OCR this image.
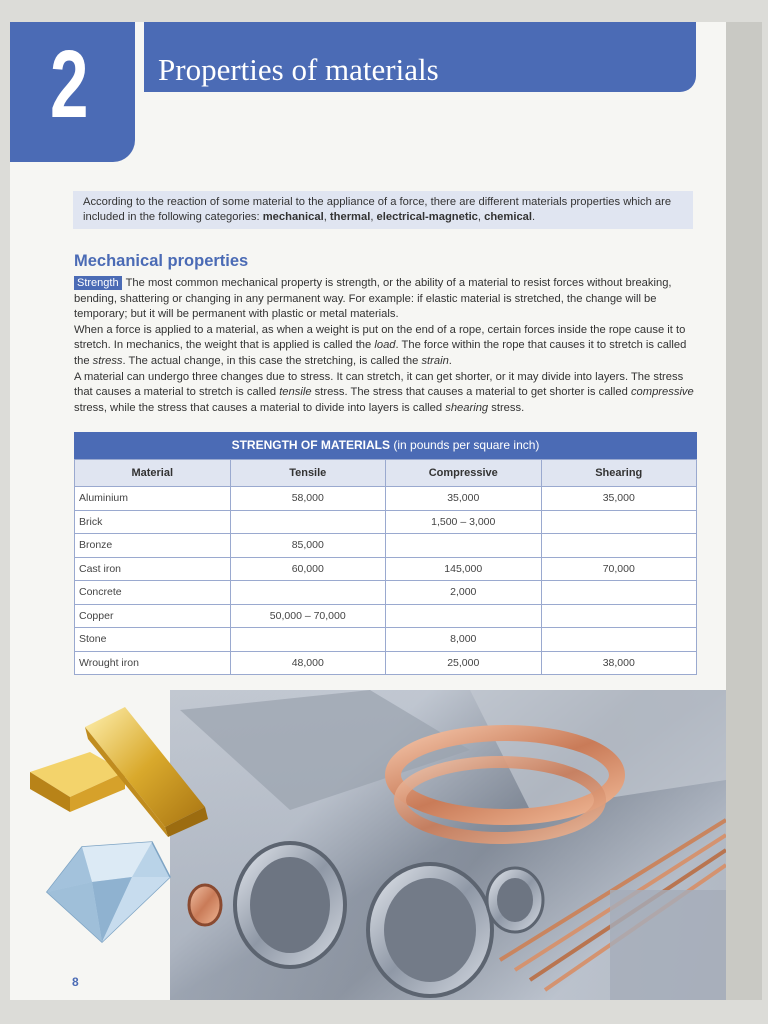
2 Properties of materials
According to the reaction of some material to the appliance of a force, there are different materials properties which are included in the following categories: mechanical, thermal, electrical-magnetic, chemical.
Mechanical properties

Strength The most common mechanical property is strength, or the ability of a material to resist forces without breaking, bending, shattering or changing in any permanent way. For example: if elastic material is stretched, the change will be temporary; but it will be permanent with plastic or metal materials.

When a force is applied to a material, as when a weight is put on the end of a rope, certain forces inside the rope cause it to stretch. In mechanics, the weight that is applied is called the load. The force within the rope that causes it to stretch is called the stress. The actual change, in this case the stretching, is called the strain.

A material can undergo three changes due to stress. It can stretch, it can get shorter, or it may divide into layers. The stress that causes a material to stretch is called tensile stress. The stress that causes a material to get shorter is called compressive stress, while the stress that causes a material to divide into layers is called shearing stress.

STRENGTH OF MATERIALS (in pounds per square inch)
Material	Tensile	Compressive	Shearing
Aluminium	58,000	35,000	35,000
Brick		1,500 – 3,000	
Bronze	85,000		
Cast iron	60,000	145,000	70,000
Concrete		2,000	
Copper	50,000 – 70,000		
Stone		8,000	
Wrought iron	48,000	25,000	38,000
8
